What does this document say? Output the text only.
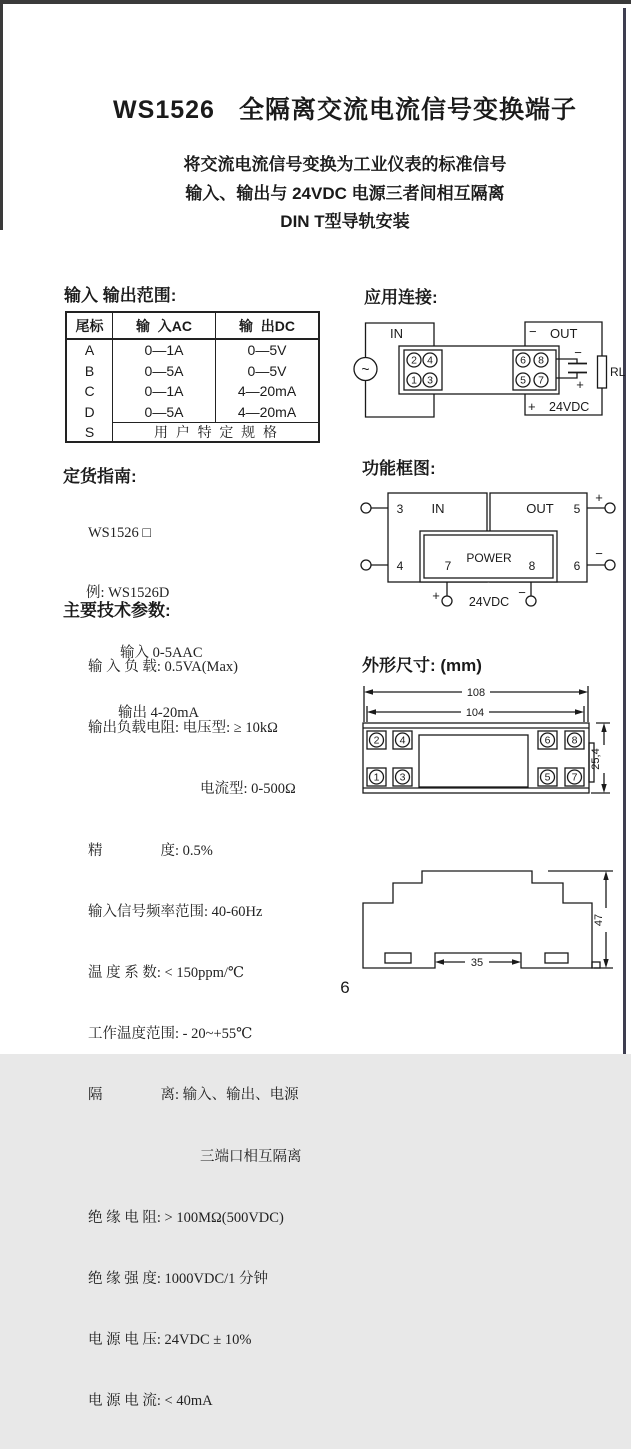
WS1526 全隔离交流电流信号变换端子
将交流电流信号变换为工业仪表的标准信号
输入、输出与 24VDC 电源三者间相互隔离
DIN T型导轨安装
输入 输出范围:	应用连接:
定货指南:	功能框图:
主要技术参数:
外形尺寸: (mm)
尾标	输  入AC	输  出DC
A	0—1A	0—5V
B	0—5A	0—5V
C	0—1A	4—20mA
D	0—5A	4—20mA
S	用  户  特  定  规  格

WS1526 □

例: WS1526D

输入 0-5AAC

输出 4-20mA

输 入 负 载: 0.5VA(Max)

输出负载电阻: 电压型: ≥ 10kΩ

电流型: 0-500Ω

精　　　　度: 0.5%

输入信号频率范围: 40-60Hz

温 度 系 数: < 150ppm/℃

工作温度范围: - 20~+55℃

隔　　　　离: 输入、输出、电源

三端口相互隔离

绝 缘 电 阻: > 100MΩ(500VDC)

绝 缘 强 度: 1000VDC/1 分钟

电 源 电 压: 24VDC ± 10%

电 源 电 流: < 40mA

~
IN	− OUT
2 4
1 3
6 8
5 7
−
+
RL
+ 24VDC
IN	OUT
POWER
3
4
5
6
7	8
+
−
+	−
24VDC
108
104
2 4
1 3
6 8
5 7
25,4
35
47
6
